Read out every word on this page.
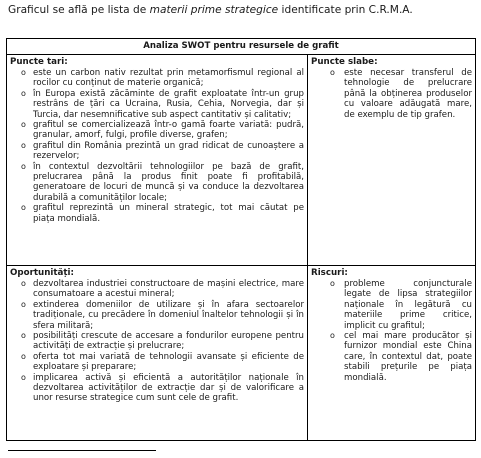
Graficul se află pe lista de materii prime strategice identificate prin C.R.M.A.
Analiza SWOT pentru resursele de grafit
Puncte tari:
o este un carbon nativ rezultat prin metamorfismul regional al rocilor cu conținut de materie organică;
o în Europa există zăcăminte de grafit exploatate într-un grup restrâns de țări ca Ucraina, Rusia, Cehia, Norvegia, dar și Turcia, dar nesemnificative sub aspect cantitativ și calitativ;
o grafitul se comercializează într-o gamă foarte variată: pudră, granular, amorf, fulgi, profile diverse, grafen;
o grafitul din România prezintă un grad ridicat de cunoaștere a rezervelor;
o în contextul dezvoltării tehnologiilor pe bază de grafit, prelucrarea până la produs finit poate fi profitabilă, generatoare de locuri de muncă și va conduce la dezvoltarea durabilă a comunităților locale;
o grafitul reprezintă un mineral strategic, tot mai căutat pe piața mondială.
Puncte slabe:
o este necesar transferul de tehnologie de prelucrare până la obținerea produselor cu valoare adăugată mare, de exemplu de tip grafen.
Oportunități:
o dezvoltarea industriei constructoare de mașini electrice, mare consumatoare a acestui mineral;
o extinderea domeniilor de utilizare și în afara sectoarelor tradiționale, cu precădere în domeniul înaltelor tehnologii și în sfera militară;
o posibilități crescute de accesare a fondurilor europene pentru activități de extracție și prelucrare;
o oferta tot mai variată de tehnologii avansate și eficiente de exploatare și preparare;
o implicarea activă și eficientă a autorităților naționale în dezvoltarea activităților de extracție dar și de valorificare a unor resurse strategice cum sunt cele de grafit.
Riscuri:
o probleme conjuncturale legate de lipsa strategiilor naționale în legătură cu materiile prime critice, implicit cu grafitul;
o cel mai mare producător și furnizor mondial este China care, în contextul dat, poate stabili prețurile pe piața mondială.
